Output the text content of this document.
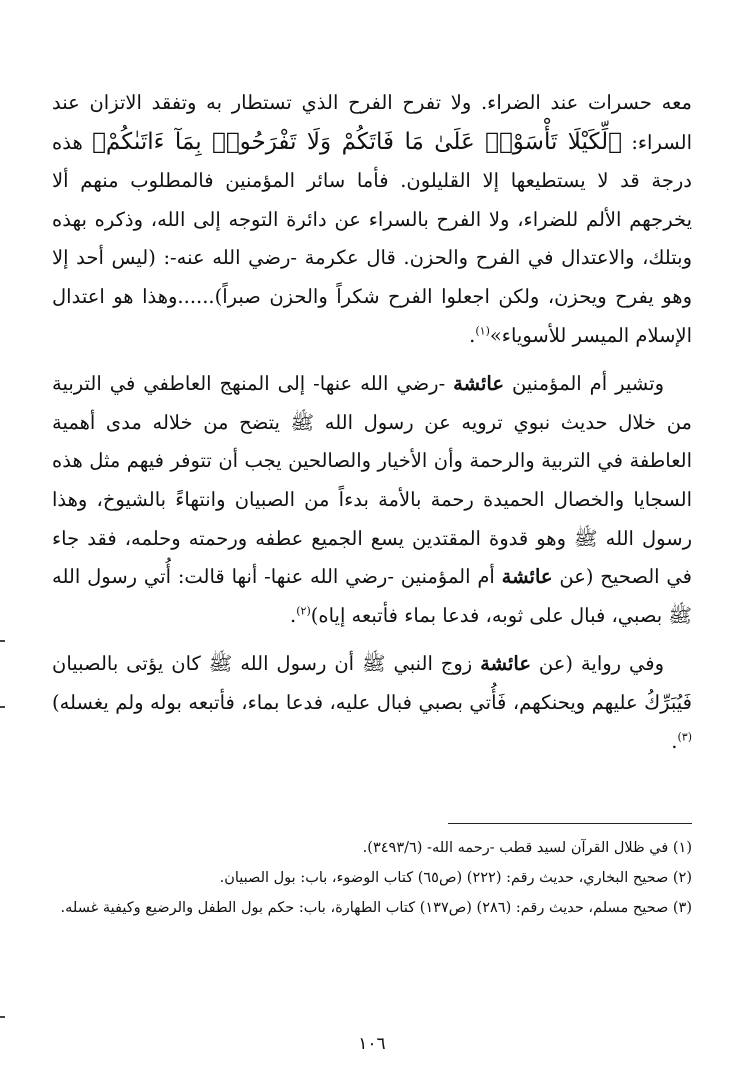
معه حسرات عند الضراء. ولا تفرح الفرح الذي تستطار به وتفقد الاتزان عند السراء: ﴿لِّكَيْلَا تَأْسَوْا۟ عَلَىٰ مَا فَاتَكُمْ وَلَا تَفْرَحُوا۟ بِمَآ ءَاتَىٰكُمْ﴾ هذه درجة قد لا يستطيعها إلا القليلون. فأما سائر المؤمنين فالمطلوب منهم ألا يخرجهم الألم للضراء، ولا الفرح بالسراء عن دائرة التوجه إلى الله، وذكره بهذه وبتلك، والاعتدال في الفرح والحزن. قال عكرمة -رضي الله عنه-: (ليس أحد إلا وهو يفرح ويحزن، ولكن اجعلوا الفرح شكراً والحزن صبراً)......وهذا هو اعتدال الإسلام الميسر للأسوياء»$^{(١)}$.

وتشير أم المؤمنين عائشة -رضي الله عنها- إلى المنهج العاطفي في التربية من خلال حديث نبوي ترويه عن رسول الله ﷺ يتضح من خلاله مدى أهمية العاطفة في التربية والرحمة وأن الأخيار والصالحين يجب أن تتوفر فيهم مثل هذه السجايا والخصال الحميدة رحمة بالأمة بدءاً من الصبيان وانتهاءً بالشيوخ، وهذا رسول الله ﷺ وهو قدوة المقتدين يسع الجميع عطفه ورحمته وحلمه، فقد جاء في الصحيح (عن عائشة أم المؤمنين -رضي الله عنها- أنها قالت: أُتي رسول الله ﷺ بصبي، فبال على ثوبه، فدعا بماء فأتبعه إياه)$^{(٢)}$.

وفي رواية (عن عائشة زوج النبي ﷺ أن رسول الله ﷺ كان يؤتى بالصبيان فَيُبَرِّكُ عليهم ويحنكهم، فَأُتي بصبي فبال عليه، فدعا بماء، فأتبعه بوله ولم يغسله)$^{(٣)}$.

(١) في ظلال القرآن لسيد قطب -رحمه الله- (٣٤٩٣/٦).

(٢) صحيح البخاري، حديث رقم: (٢٢٢) (ص٦٥) كتاب الوضوء، باب: بول الصبيان.

(٣) صحيح مسلم، حديث رقم: (٢٨٦) (ص١٣٧) كتاب الطهارة، باب: حكم بول الطفل والرضيع وكيفية غسله.

١٠٦
